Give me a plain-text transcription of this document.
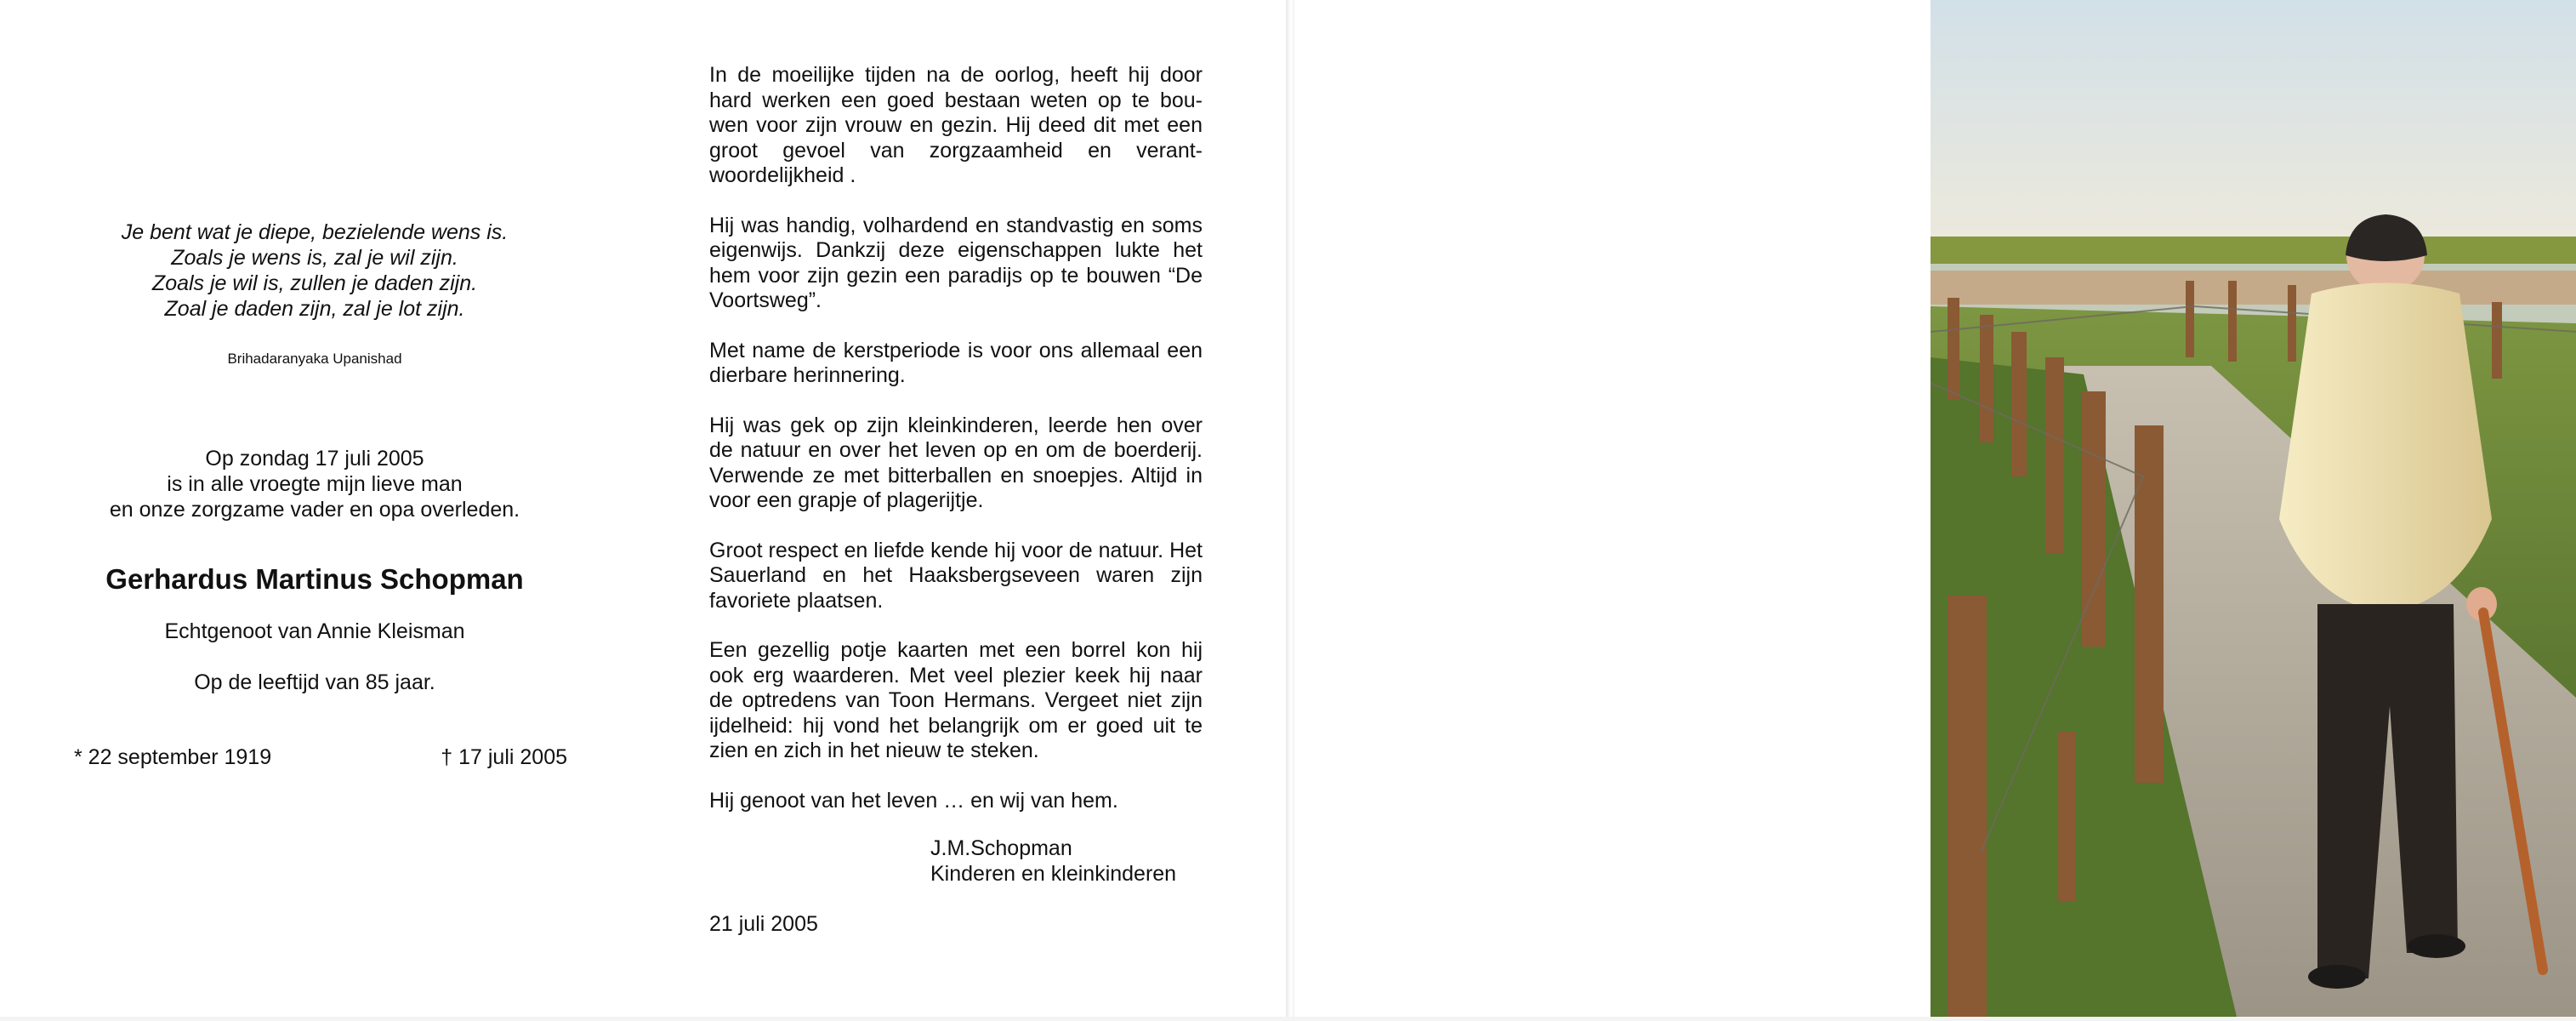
Je bent wat je diepe, bezielende wens is.
Zoals je wens is, zal je wil zijn.
Zoals je wil is, zullen je daden zijn.
Zoal je daden zijn, zal je lot zijn.
Brihadaranyaka Upanishad
Op zondag 17 juli 2005
is in alle vroegte mijn lieve man
en onze zorgzame vader en opa overleden.
Gerhardus Martinus Schopman
Echtgenoot van Annie Kleisman
Op de leeftijd van 85 jaar.
* 22 september 1919	† 17 juli 2005

In de moeilijke tijden na de oorlog, heeft hij door hard werken een goed bestaan weten op te bou-wen voor zijn vrouw en gezin. Hij deed dit met een groot gevoel van zorgzaamheid en verant-woordelijkheid .

Hij was handig, volhardend en standvastig en soms eigenwijs. Dankzij deze eigenschappen lukte het hem voor zijn gezin een paradijs op te bouwen “De Voortsweg”.

Met name de kerstperiode is voor ons allemaal een dierbare herinnering.

Hij was gek op zijn kleinkinderen, leerde hen over de natuur en over het leven op en om de boerderij. Verwende ze met bitterballen en snoepjes. Altijd in voor een grapje of plagerijtje.

Groot respect en liefde kende hij voor de natuur. Het Sauerland en het Haaksbergseveen waren zijn favoriete plaatsen.

Een gezellig potje kaarten met een borrel kon hij ook erg waarderen. Met veel plezier keek hij naar de optredens van Toon Hermans. Vergeet niet zijn ijdelheid: hij vond het belangrijk om er goed uit te zien en zich in het nieuw te steken.

Hij genoot van het leven … en wij van hem.

J.M.Schopman
Kinderen en kleinkinderen
21 juli 2005
